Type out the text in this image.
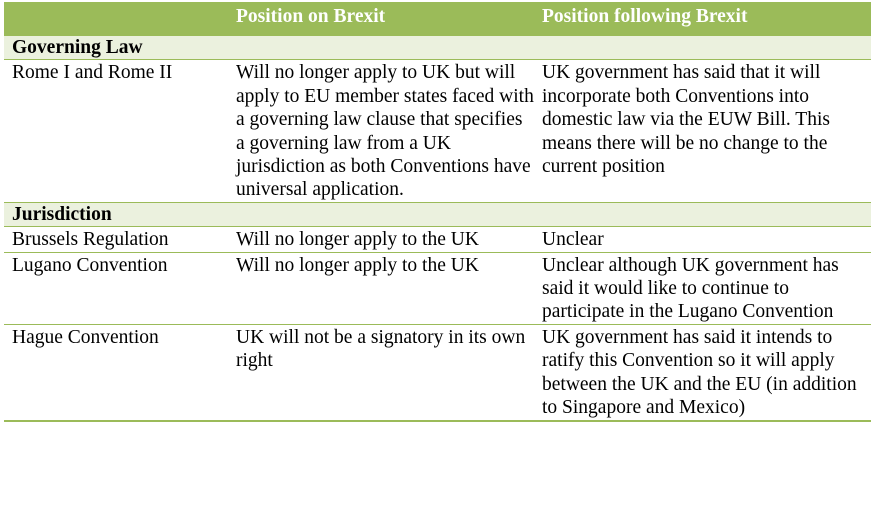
	Position on Brexit	Position following Brexit
Governing Law		
Rome I and Rome II	Will no longer apply to UK but will apply to EU member states faced with a governing law clause that specifies a governing law from a UK jurisdiction as both Conventions have universal application.	UK government has said that it will incorporate both Conventions into domestic law via the EUW Bill. This means there will be no change to the current position
Jurisdiction		
Brussels Regulation	Will no longer apply to the UK	Unclear
Lugano Convention	Will no longer apply to the UK	Unclear although UK government has said it would like to continue to participate in the Lugano Convention
Hague Convention	UK will not be a signatory in its own right	UK government has said it intends to ratify this Convention so it will apply between the UK and the EU (in addition to Singapore and Mexico)
